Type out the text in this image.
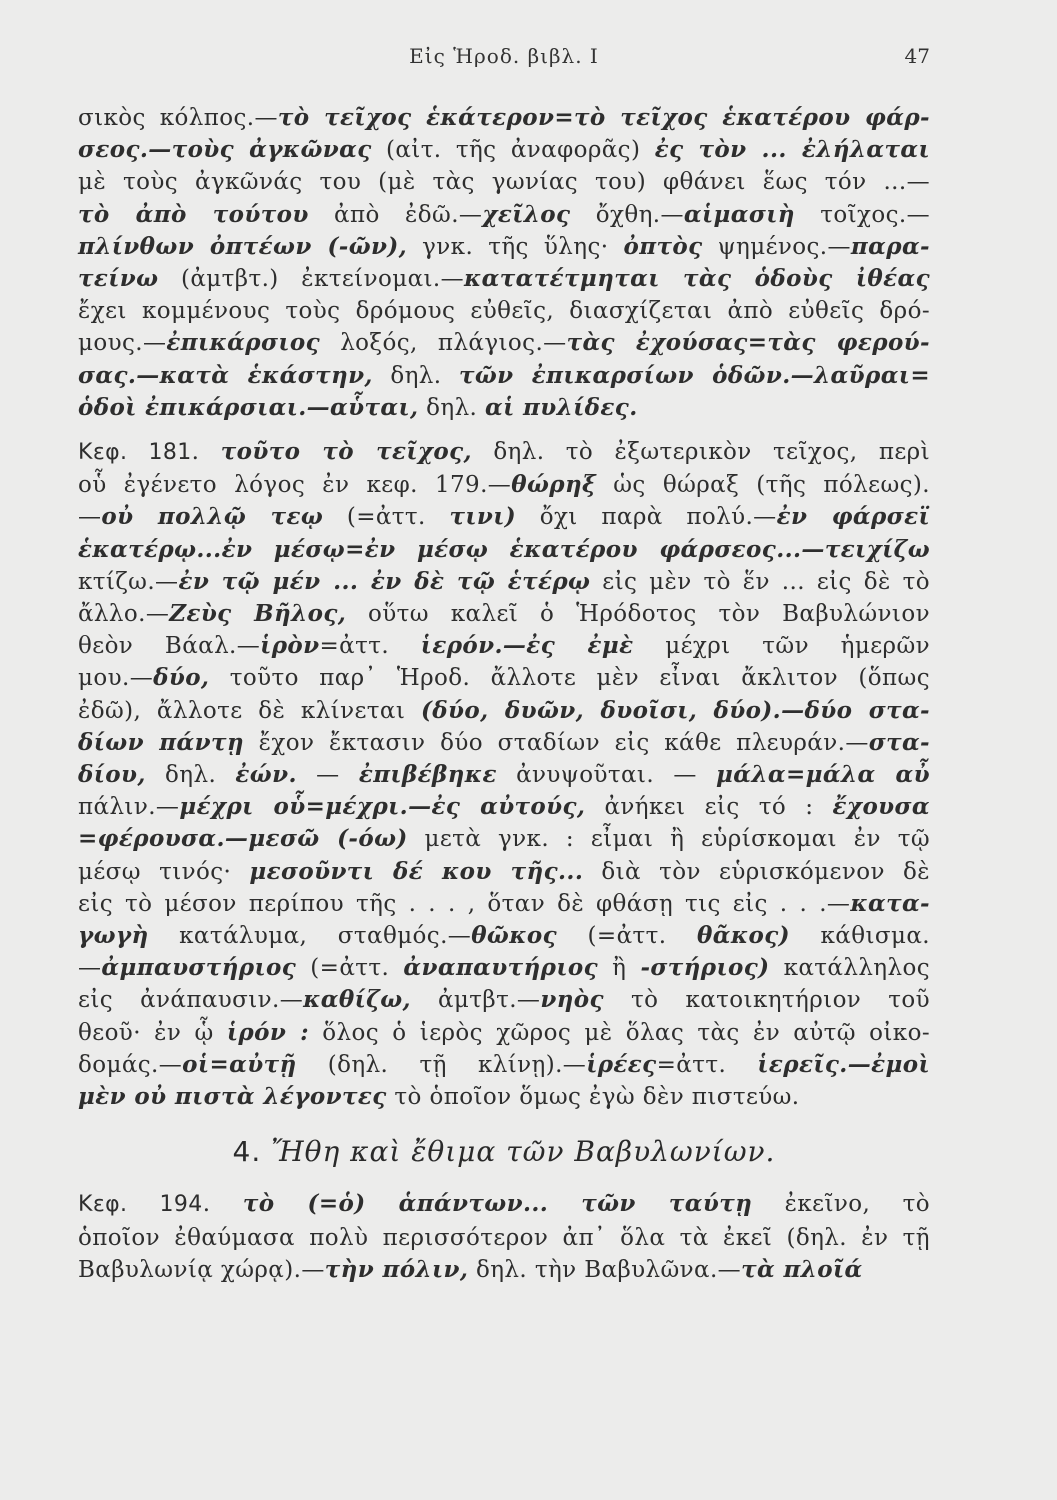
Εἰς Ἡροδ. βιβλ. Ι	47
σικὸς κόλπος.—τὸ τεῖχος ἑκάτερον=τὸ τεῖχος ἑκατέρου φάρ-
σεος.—τοὺς ἀγκῶνας (αἰτ. τῆς ἀναφορᾶς) ἐς τὸν ... ἐλήλαται
μὲ τοὺς ἀγκῶνάς του (μὲ τὰς γωνίας του) φθάνει ἕως τόν ...—
τὸ ἀπὸ τούτου ἀπὸ ἐδῶ.—χεῖλος ὄχθη.—αἱμασιὴ τοῖχος.—
πλίνθων ὀπτέων (-ῶν), γνκ. τῆς ὕλης· ὀπτὸς ψημένος.—παρα-
τείνω (ἀμτβτ.) ἐκτείνομαι.—κατατέτμηται τὰς ὁδοὺς ἰθέας
ἔχει κομμένους τοὺς δρόμους εὐθεῖς, διασχίζεται ἀπὸ εὐθεῖς δρό-
μους.—ἐπικάρσιος λοξός, πλάγιος.—τὰς ἐχούσας=τὰς φερού-
σας.—κατὰ ἑκάστην, δηλ. τῶν ἐπικαρσίων ὁδῶν.—λαῦραι=
ὁδοὶ ἐπικάρσιαι.—αὗται, δηλ. αἱ πυλίδες.
Κεφ. 181. τοῦτο τὸ τεῖχος, δηλ. τὸ ἐξωτερικὸν τεῖχος, περὶ
οὗ ἐγένετο λόγος ἐν κεφ. 179.—θώρηξ ὡς θώραξ (τῆς πόλεως).
—οὐ πολλῷ τεῳ (=ἀττ. τινι) ὄχι παρὰ πολύ.—ἐν φάρσεϊ
ἑκατέρῳ...ἐν μέσῳ=ἐν μέσῳ ἑκατέρου φάρσεος...—τειχίζω
κτίζω.—ἐν τῷ μέν ... ἐν δὲ τῷ ἑτέρῳ εἰς μὲν τὸ ἕν ... εἰς δὲ τὸ
ἄλλο.—Ζεὺς Βῆλος, οὕτω καλεῖ ὁ Ἡρόδοτος τὸν Βαβυλώνιον
θεὸν Βάαλ.—ἱρὸν=ἀττ. ἱερόν.—ἐς ἐμὲ μέχρι τῶν ἡμερῶν
μου.—δύο, τοῦτο παρ᾽ Ἡροδ. ἄλλοτε μὲν εἶναι ἄκλιτον (ὅπως
ἐδῶ), ἄλλοτε δὲ κλίνεται (δύο, δυῶν, δυοῖσι, δύο).—δύο στα-
δίων πάντῃ ἔχον ἔκτασιν δύο σταδίων εἰς κάθε πλευράν.—στα-
δίου, δηλ. ἐών. — ἐπιβέβηκε ἀνυψοῦται. — μάλα=μάλα αὖ
πάλιν.—μέχρι οὗ=μέχρι.—ἐς αὐτούς, ἀνήκει εἰς τό : ἔχουσα
=φέρουσα.—μεσῶ (-όω) μετὰ γνκ. : εἶμαι ἢ εὑρίσκομαι ἐν τῷ
μέσῳ τινός· μεσοῦντι δέ κου τῆς... διὰ τὸν εὑρισκόμενον δὲ
εἰς τὸ μέσον περίπου τῆς . . . , ὅταν δὲ φθάσῃ τις εἰς . . .—κατα-
γωγὴ κατάλυμα, σταθμός.—θῶκος (=ἀττ. θᾶκος) κάθισμα.
—ἀμπαυστήριος (=ἀττ. ἀναπαυτήριος ἢ -στήριος) κατάλληλος
εἰς ἀνάπαυσιν.—καθίζω, ἀμτβτ.—νηὸς τὸ κατοικητήριον τοῦ
θεοῦ· ἐν ᾧ ἱρόν : ὅλος ὁ ἱερὸς χῶρος μὲ ὅλας τὰς ἐν αὐτῷ οἰκο-
δομάς.—οἱ=αὐτῇ (δηλ. τῇ κλίνῃ).—ἱρέες=ἀττ. ἱερεῖς.—ἐμοὶ
μὲν οὐ πιστὰ λέγοντες τὸ ὁποῖον ὅμως ἐγὼ δὲν πιστεύω.
4. Ἤθη καὶ ἔθιμα τῶν Βαβυλωνίων.
Κεφ. 194. τὸ (=ὁ) ἁπάντων... τῶν ταύτῃ ἐκεῖνο, τὸ
ὁποῖον ἐθαύμασα πολὺ περισσότερον ἀπ᾽ ὅλα τὰ ἐκεῖ (δηλ. ἐν τῇ
Βαβυλωνίᾳ χώρᾳ).—τὴν πόλιν, δηλ. τὴν Βαβυλῶνα.—τὰ πλοῖά
